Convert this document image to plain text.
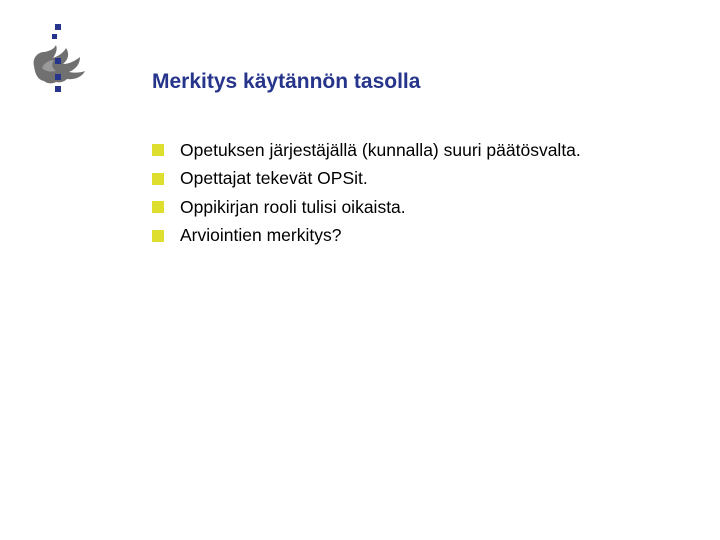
Merkitys käytännön tasolla
Opetuksen järjestäjällä (kunnalla) suuri päätösvalta.
Opettajat tekevät OPSit.
Oppikirjan rooli tulisi oikaista.
Arviointien merkitys?
